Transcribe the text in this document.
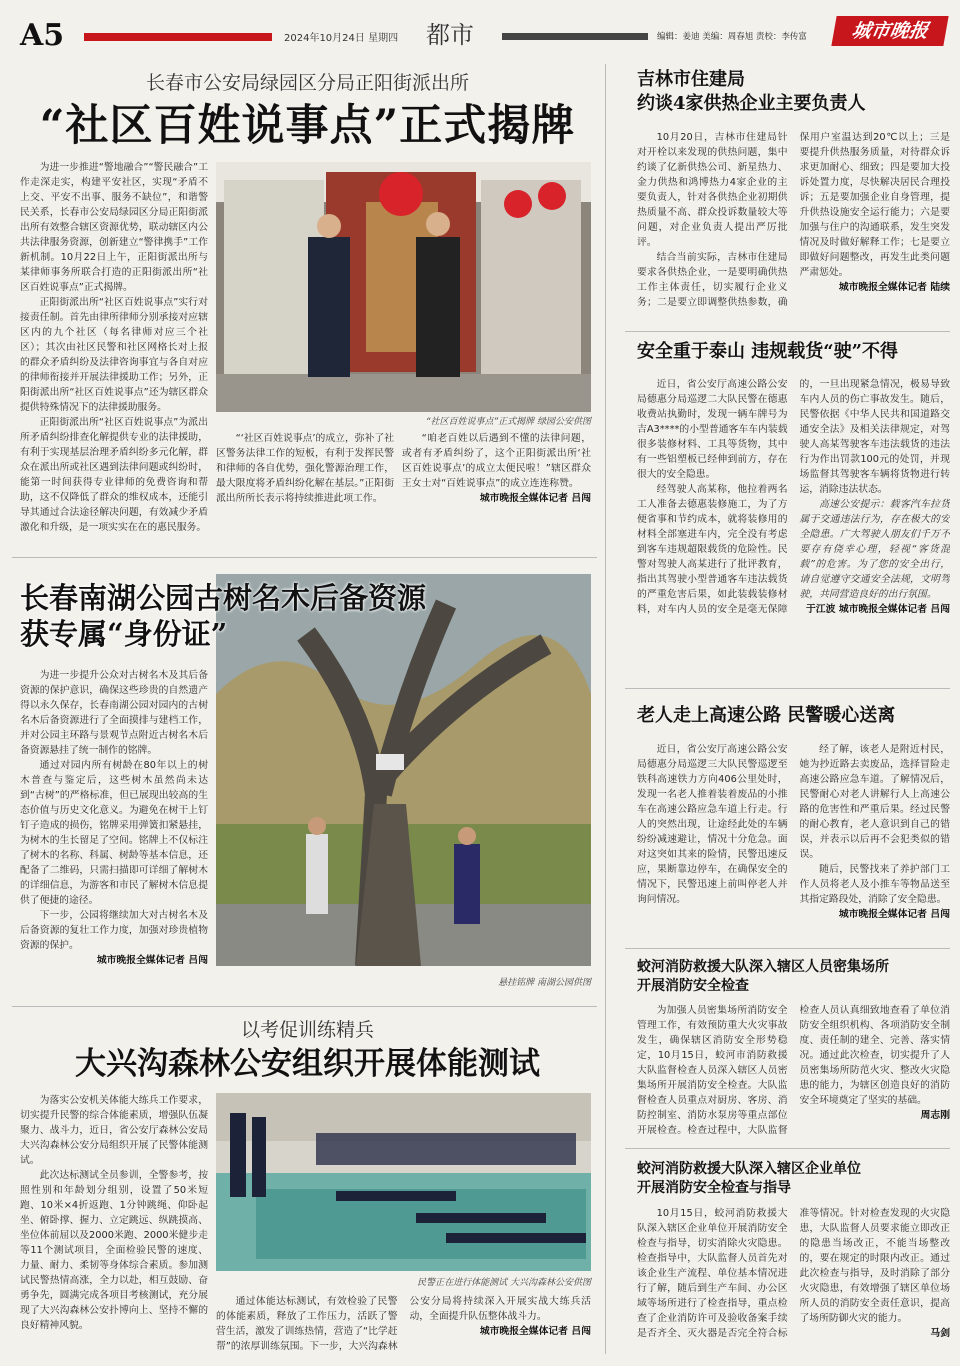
A5	2024年10月24日 星期四 都市	编辑：姜迪 美编：周春旭 责校：李传富	城市晚报
长春市公安局绿园区分局正阳街派出所
“社区百姓说事点”正式揭牌
“社区百姓说事点”正式揭牌 绿园公安供图

为进一步推进“警地融合”“警民融合”工作走深走实，构建平安社区，实现“矛盾不上交、平安不出事、服务不缺位”，和谐警民关系，长春市公安局绿园区分局正阳街派出所有效整合辖区资源优势，联动辖区内公共法律服务资源，创新建立“警律携手”工作新机制。10月22日上午，正阳街派出所与某律师事务所联合打造的正阳街派出所“社区百姓说事点”正式揭牌。

正阳街派出所“社区百姓说事点”实行对接责任制。首先由律所律师分别承接对应辖区内的九个社区（每名律师对应三个社区）；其次由社区民警和社区网格长对上报的群众矛盾纠纷及法律咨询事宜与各自对应的律师衔接并开展法律援助工作；另外，正阳街派出所“社区百姓说事点”还为辖区群众提供特殊情况下的法律援助服务。

正阳街派出所“社区百姓说事点”为派出所矛盾纠纷排查化解提供专业的法律援助，有利于实现基层治理矛盾纠纷多元化解，群众在派出所或社区遇到法律问题或纠纷时，能第一时间获得专业律师的免费咨询和帮助，这不仅降低了群众的维权成本，还能引导其通过合法途径解决问题，有效减少矛盾激化和升级，是一项实实在在的惠民服务。

“‘社区百姓说事点’的成立，弥补了社区警务法律工作的短板，有利于发挥民警和律师的各自优势，强化警源治理工作，最大限度将矛盾纠纷化解在基层。”正阳街派出所所长表示将持续推进此项工作。

“咱老百姓以后遇到不懂的法律问题，或者有矛盾纠纷了，这个正阳街派出所‘社区百姓说事点’的成立太便民啦！”辖区群众王女士对“百姓说事点”的成立连连称赞。

城市晚报全媒体记者 吕闯

长春南湖公园古树名木后备资源
获专属“身份证”
悬挂铭牌 南湖公园供图

为进一步提升公众对古树名木及其后备资源的保护意识，确保这些珍贵的自然遗产得以永久保存，长春南湖公园对园内的古树名木后备资源进行了全面摸排与建档工作，并对公园主环路与景观节点附近古树名木后备资源悬挂了统一制作的铭牌。

通过对园内所有树龄在80年以上的树木普查与鉴定后，这些树木虽然尚未达到“古树”的严格标准，但已展现出较高的生态价值与历史文化意义。为避免在树干上钉钉子造成的损伤，铭牌采用弹簧扣紧悬挂，为树木的生长留足了空间。铭牌上不仅标注了树木的名称、科属、树龄等基本信息，还配备了二维码，只需扫描即可详细了解树木的详细信息，为游客和市民了解树木信息提供了便捷的途径。

下一步，公园将继续加大对古树名木及后备资源的复壮工作力度，加强对珍贵植物资源的保护。

城市晚报全媒体记者 吕闯

以考促训练精兵
大兴沟森林公安组织开展体能测试
民警正在进行体能测试 大兴沟森林公安供图

为落实公安机关体能大练兵工作要求，切实提升民警的综合体能素质，增强队伍凝聚力、战斗力，近日，省公安厅森林公安局大兴沟森林公安分局组织开展了民警体能测试。

此次达标测试全员参训，全警参考，按照性别和年龄划分组别，设置了50米短跑、10米×4折返跑、1分钟跳绳、仰卧起坐、俯卧撑、握力、立定跳远、纵跳摸高、坐位体前屈以及2000米跑、2000米健步走等11个测试项目，全面检验民警的速度、力量、耐力、柔韧等身体综合素质。参加测试民警热情高涨，全力以赴，相互鼓励、奋勇争先，圆满完成各项目考核测试，充分展现了大兴沟森林公安扑博向上、坚持不懈的良好精神风貌。

通过体能达标测试，有效检验了民警的体能素质，释放了工作压力，活跃了警营生活，激发了训练热情，营造了“比学赶帮”的浓厚训练氛围。下一步，大兴沟森林公安分局将持续深入开展实战大练兵活动，全面提升队伍整体战斗力。

城市晚报全媒体记者 吕闯

吉林市住建局
约谈4家供热企业主要负责人

10月20日，吉林市住建局针对开栓以来发现的供热问题，集中约谈了亿新供热公司、新星热力、金力供热和鸿博热力4家企业的主要负责人，针对各供热企业初期供热质量不高、群众投诉数量较大等问题，对企业负责人提出严厉批评。

结合当前实际，吉林市住建局要求各供热企业，一是要明确供热工作主体责任，切实履行企业义务；二是要立即调整供热参数，确保用户室温达到20℃以上；三是要提升供热服务质量，对待群众诉求更加耐心、细致；四是要加大投诉处置力度，尽快解决居民合理投诉；五是要加强企业自身管理，提升供热设施安全运行能力；六是要加强与住户的沟通联系，发生突发情况及时做好解释工作；七是要立即做好问题整改，再发生此类问题严肃惩处。

城市晚报全媒体记者 陆续

安全重于泰山 违规载货“驶”不得

近日，省公安厅高速公路公安局德惠分局巡逻二大队民警在德惠收费站执勤时，发现一辆车牌号为吉A3****的小型普通客车车内装载很多装修材料、工具等货物，其中有一些铝塑板已经伸到前方，存在很大的安全隐患。

经驾驶人高某称，他拉着两名工人准备去德惠装修施工，为了方便省事和节约成本，就将装修用的材料全部塞进车内，完全没有考虑到客车违规超限载货的危险性。民警对驾驶人高某进行了批评教育，指出其驾驶小型普通客车违法载货的严重危害后果，如此装载装修材料，对车内人员的安全是毫无保障的，一旦出现紧急情况，极易导致车内人员的伤亡事故发生。随后，民警依据《中华人民共和国道路交通安全法》及相关法律规定，对驾驶人高某驾驶客车违法载货的违法行为作出罚款100元的处罚，并现场监督其驾驶客车辆将货物进行转运，消除违法状态。

高速公安提示：载客汽车拉货属于交通违法行为，存在极大的安全隐患。广大驾驶人朋友们千万不要存有侥幸心理，轻视“客货混载”的危害。为了您的安全出行，请自觉遵守交通安全法规，文明驾驶，共同营造良好的出行氛围。

于江波 城市晚报全媒体记者 吕闯

老人走上高速公路 民警暖心送离

近日，省公安厅高速公路公安局德惠分局巡逻三大队民警巡逻至铁科高速铁力方向406公里处时，发现一名老人推着装着废品的小推车在高速公路应急车道上行走。行人的突然出现，让途经此处的车辆纷纷减速避让，情况十分危急。面对这突如其来的险情，民警迅速反应，果断靠边停车，在确保安全的情况下，民警迅速上前叫停老人并询问情况。

经了解，该老人是附近村民，她为抄近路去卖废品，选择冒险走高速公路应急车道。了解情况后，民警耐心对老人讲解行人上高速公路的危害性和严重后果。经过民警的耐心教育，老人意识到自己的错误，并表示以后再不会犯类似的错误。

随后，民警找来了养护部门工作人员将老人及小推车等物品送至其指定路段处，消除了安全隐患。

城市晚报全媒体记者 吕闯

蛟河消防救援大队深入辖区人员密集场所
开展消防安全检查

为加强人员密集场所消防安全管理工作，有效预防重大火灾事故发生，确保辖区消防安全形势稳定，10月15日，蛟河市消防救援大队监督检查人员深入辖区人员密集场所开展消防安全检查。大队监督检查人员重点对厨房、客房、消防控制室、消防水泵房等重点部位开展检查。检查过程中，大队监督检查人员认真细致地查看了单位消防安全组织机构、各项消防安全制度、责任制的建全、完善、落实情况。通过此次检查，切实提升了人员密集场所防范火灾、整改火灾隐患的能力，为辖区创造良好的消防安全环境奠定了坚实的基础。

周志刚

蛟河消防救援大队深入辖区企业单位
开展消防安全检查与指导

10月15日，蛟河消防救援大队深入辖区企业单位开展消防安全检查与指导，切实消除火灾隐患。检查指导中，大队监督人员首先对该企业生产流程、单位基本情况进行了解，随后到生产车间、办公区域等场所进行了检查指导，重点检查了企业消防许可及验收备案手续是否齐全、灭火器是否完全符合标准等情况。针对检查发现的火灾隐患，大队监督人员要求能立即改正的隐患当场改正，不能当场整改的，要在规定的时限内改正。通过此次检查与指导，及时消除了部分火灾隐患，有效增强了辖区单位场所人员的消防安全责任意识，提高了场所防御火灾的能力。

马剑
